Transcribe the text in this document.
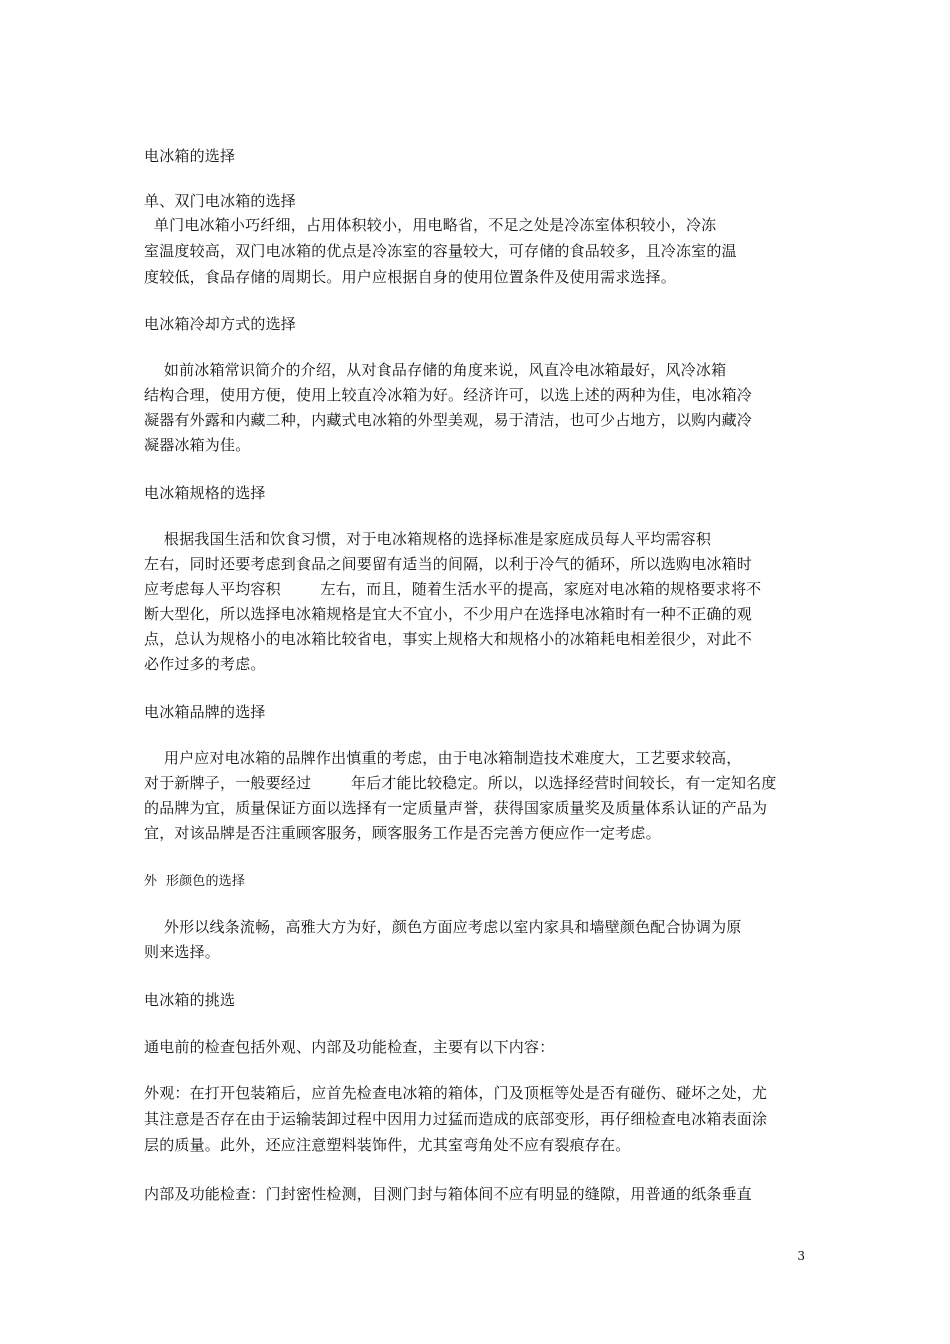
电冰箱的选择
单、双门电冰箱的选择
单门电冰箱小巧纤细，占用体积较小，用电略省，不足之处是冷冻室体积较小，冷冻
室温度较高，双门电冰箱的优点是冷冻室的容量较大，可存储的食品较多，且冷冻室的温
度较低，食品存储的周期长。用户应根据自身的使用位置条件及使用需求选择。
电冰箱冷却方式的选择
如前冰箱常识简介的介绍，从对食品存储的角度来说，风直冷电冰箱最好，风冷冰箱
结构合理，使用方便，使用上较直冷冰箱为好。经济许可，以选上述的两种为佳，电冰箱冷
凝器有外露和内藏二种，内藏式电冰箱的外型美观，易于清洁，也可少占地方，以购内藏冷
凝器冰箱为佳。
电冰箱规格的选择
根据我国生活和饮食习惯，对于电冰箱规格的选择标准是家庭成员每人平均需容积
左右，同时还要考虑到食品之间要留有适当的间隔，以利于冷气的循环，所以选购电冰箱时
应考虑每人平均容积        左右，而且，随着生活水平的提高，家庭对电冰箱的规格要求将不
断大型化，所以选择电冰箱规格是宜大不宜小，不少用户在选择电冰箱时有一种不正确的观
点，总认为规格小的电冰箱比较省电，事实上规格大和规格小的冰箱耗电相差很少，对此不
必作过多的考虑。
电冰箱品牌的选择
用户应对电冰箱的品牌作出慎重的考虑，由于电冰箱制造技术难度大，工艺要求较高，
对于新牌子，一般要经过        年后才能比较稳定。所以，以选择经营时间较长，有一定知名度
的品牌为宜，质量保证方面以选择有一定质量声誉，获得国家质量奖及质量体系认证的产品为
宜，对该品牌是否注重顾客服务，顾客服务工作是否完善方便应作一定考虑。
外  形颜色的选择
外形以线条流畅，高雅大方为好，颜色方面应考虑以室内家具和墙壁颜色配合协调为原
则来选择。
电冰箱的挑选
通电前的检查包括外观、内部及功能检查，主要有以下内容：
外观：在打开包装箱后，应首先检查电冰箱的箱体，门及顶框等处是否有碰伤、碰坏之处，尤
其注意是否存在由于运输装卸过程中因用力过猛而造成的底部变形，再仔细检查电冰箱表面涂
层的质量。此外，还应注意塑料装饰件，尤其室弯角处不应有裂痕存在。
内部及功能检查：门封密性检测，目测门封与箱体间不应有明显的缝隙，用普通的纸条垂直
3
